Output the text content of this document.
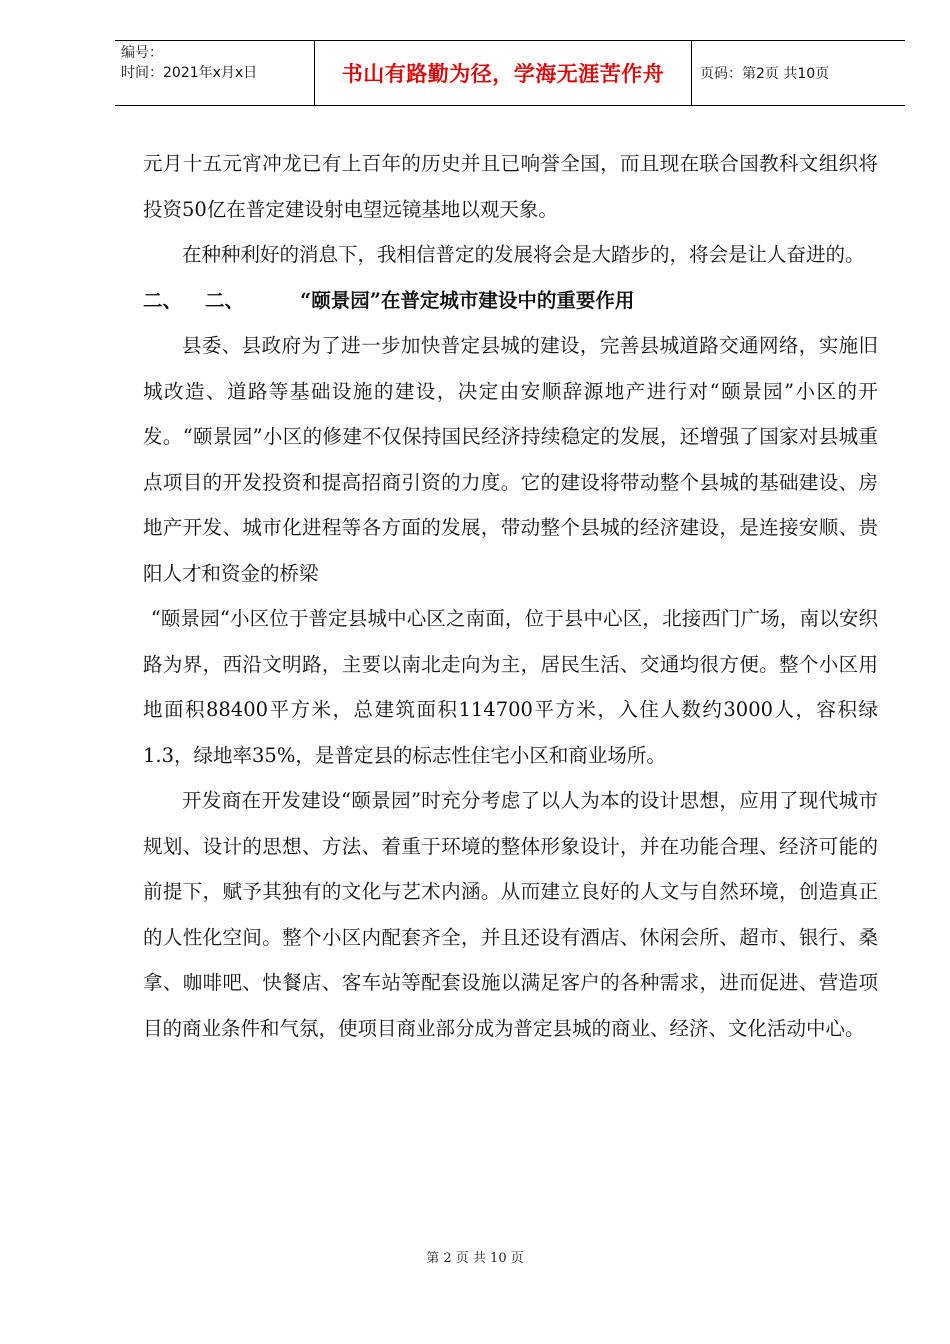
编号：
时间：2021年x月x日	书山有路勤为径，学海无涯苦作舟	页码：第2页 共10页

元月十五元宵冲龙已有上百年的历史并且已响誉全国，而且现在联合国教科文组织将投资50亿在普定建设射电望远镜基地以观天象。

在种种利好的消息下，我相信普定的发展将会是大踏步的，将会是让人奋进的。

二、	二、	“颐景园”在普定城市建设中的重要作用

县委、县政府为了进一步加快普定县城的建设，完善县城道路交通网络，实施旧城改造、道路等基础设施的建设，决定由安顺辞源地产进行对“颐景园”小区的开发。“颐景园”小区的修建不仅保持国民经济持续稳定的发展，还增强了国家对县城重点项目的开发投资和提高招商引资的力度。它的建设将带动整个县城的基础建设、房地产开发、城市化进程等各方面的发展，带动整个县城的经济建设，是连接安顺、贵阳人才和资金的桥梁

“颐景园“小区位于普定县城中心区之南面，位于县中心区，北接西门广场，南以安织路为界，西沿文明路，主要以南北走向为主，居民生活、交通均很方便。整个小区用地面积88400平方米，总建筑面积114700平方米，入住人数约3000人，容积绿1.3，绿地率35%，是普定县的标志性住宅小区和商业场所。

开发商在开发建设“颐景园”时充分考虑了以人为本的设计思想，应用了现代城市规划、设计的思想、方法、着重于环境的整体形象设计，并在功能合理、经济可能的前提下，赋予其独有的文化与艺术内涵。从而建立良好的人文与自然环境，创造真正的人性化空间。整个小区内配套齐全，并且还设有酒店、休闲会所、超市、银行、桑拿、咖啡吧、快餐店、客车站等配套设施以满足客户的各种需求，进而促进、营造项目的商业条件和气氛，使项目商业部分成为普定县城的商业、经济、文化活动中心。

第 2 页 共 10 页
